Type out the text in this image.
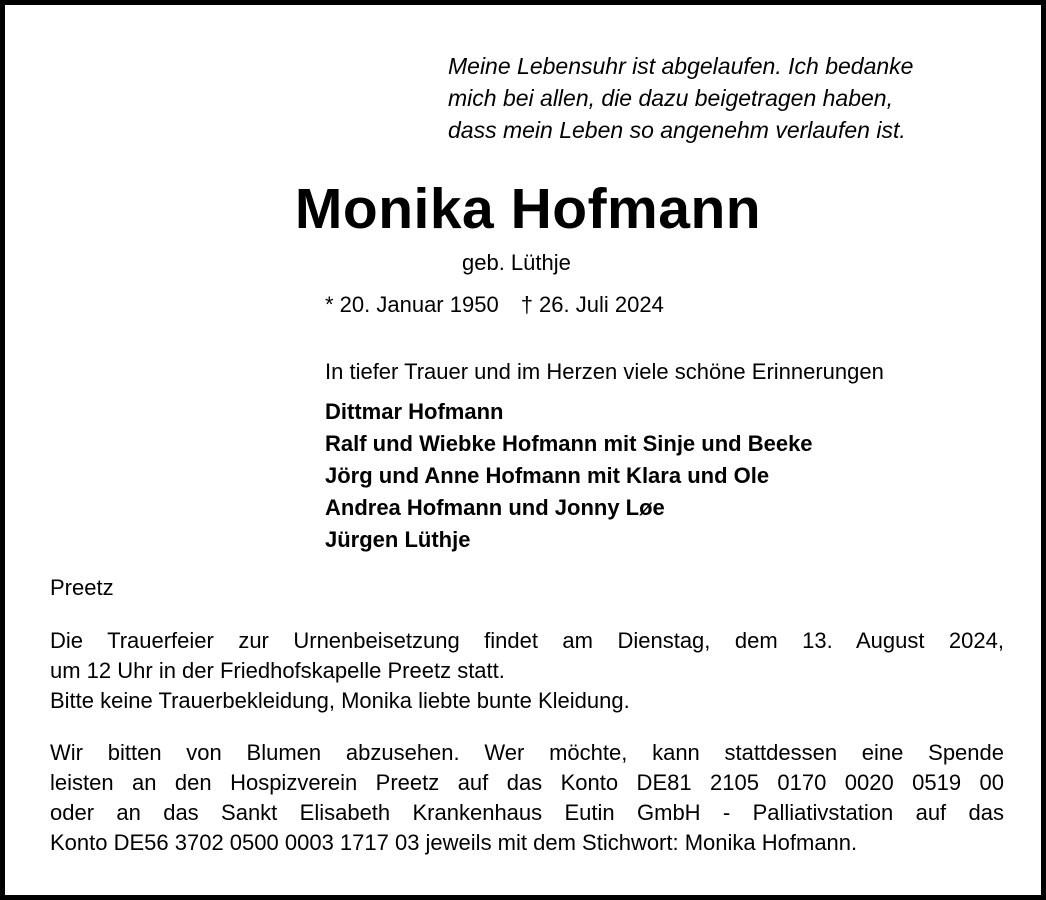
Meine Lebensuhr ist abgelaufen. Ich bedanke
mich bei allen, die dazu beigetragen haben,
dass mein Leben so angenehm verlaufen ist.
Monika Hofmann
geb. Lüthje
* 20. Januar 1950 † 26. Juli 2024
In tiefer Trauer und im Herzen viele schöne Erinnerungen
Dittmar Hofmann
Ralf und Wiebke Hofmann mit Sinje und Beeke
Jörg und Anne Hofmann mit Klara und Ole
Andrea Hofmann und Jonny Løe
Jürgen Lüthje
Preetz
Die Trauerfeier zur Urnenbeisetzung findet am Dienstag, dem 13. August 2024,
um 12 Uhr in der Friedhofskapelle Preetz statt.
Bitte keine Trauerbekleidung, Monika liebte bunte Kleidung.
Wir bitten von Blumen abzusehen. Wer möchte, kann stattdessen eine Spende
leisten an den Hospizverein Preetz auf das Konto DE81 2105 0170 0020 0519 00
oder an das Sankt Elisabeth Krankenhaus Eutin GmbH - Palliativstation auf das
Konto DE56 3702 0500 0003 1717 03 jeweils mit dem Stichwort: Monika Hofmann.
